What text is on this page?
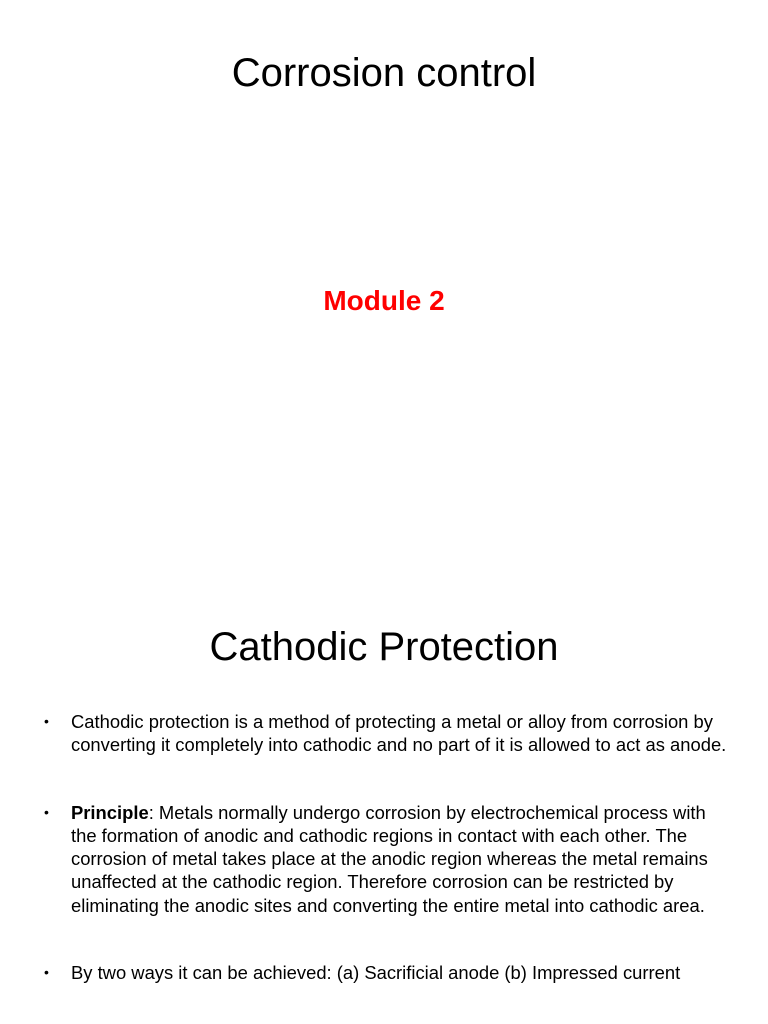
Corrosion control
Module 2
Cathodic Protection
• Cathodic protection is a method of protecting a metal or alloy from corrosion by converting it completely into cathodic and no part of it is allowed to act as anode.
• Principle: Metals normally undergo corrosion by electrochemical process with the formation of anodic and cathodic regions in contact with each other. The corrosion of metal takes place at the anodic region whereas the metal remains unaffected at the cathodic region. Therefore corrosion can be restricted by eliminating the anodic sites and converting the entire metal into cathodic area.
• By two ways it can be achieved: (a) Sacrificial anode (b) Impressed current
